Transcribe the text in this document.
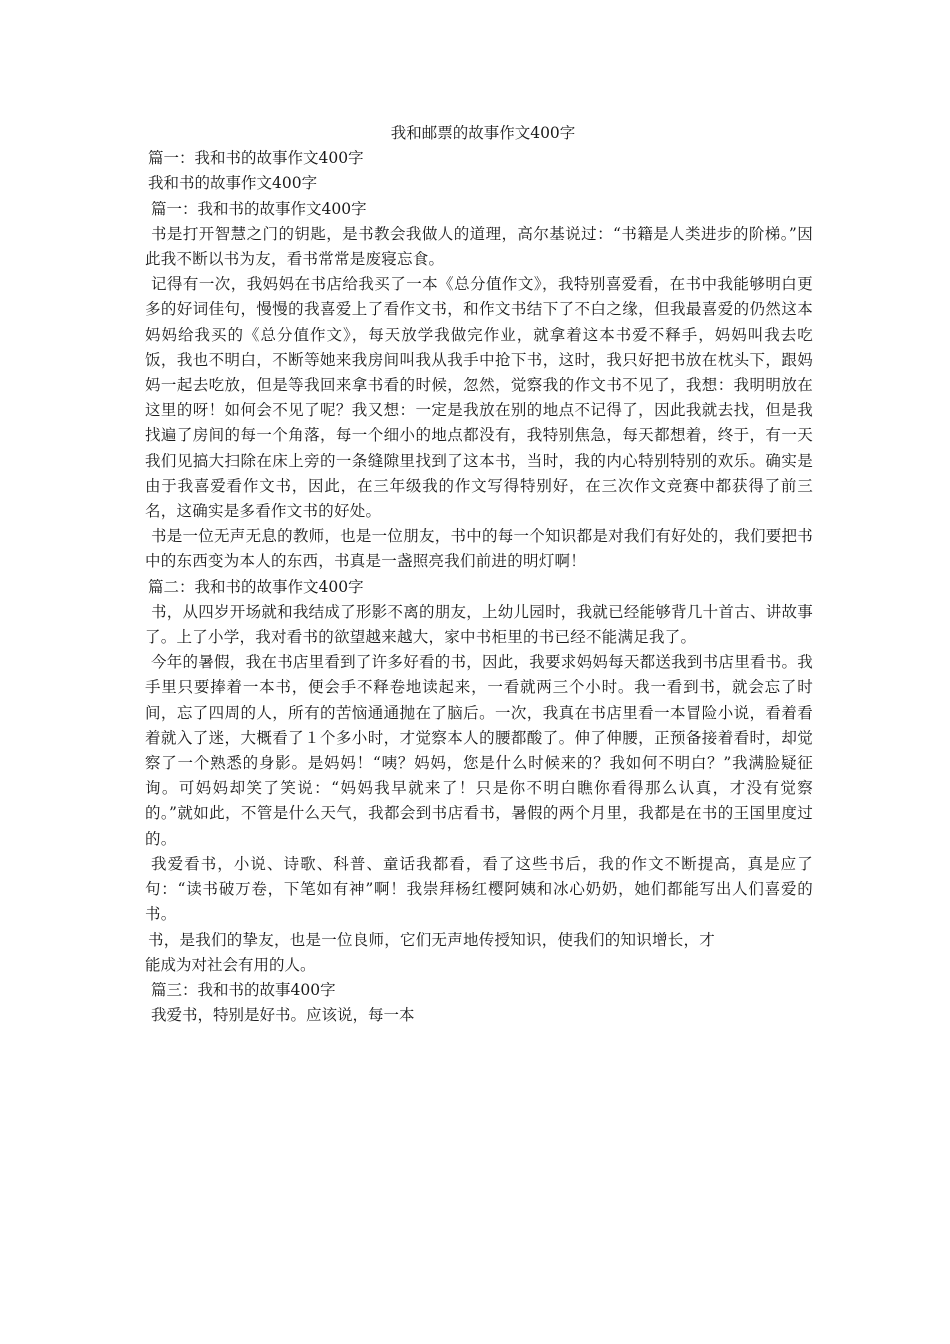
我和邮票的故事作文400字

篇一：我和书的故事作文400字

我和书的故事作文400字

篇一：我和书的故事作文400字

书是打开智慧之门的钥匙，是书教会我做人的道理，高尔基说过：“书籍是人类进步的阶梯。”因此我不断以书为友，看书常常是废寝忘食。

记得有一次，我妈妈在书店给我买了一本《总分值作文》，我特别喜爱看，在书中我能够明白更多的好词佳句，慢慢的我喜爱上了看作文书，和作文书结下了不白之缘，但我最喜爱的仍然这本妈妈给我买的《总分值作文》，每天放学我做完作业，就拿着这本书爱不释手，妈妈叫我去吃饭，我也不明白，不断等她来我房间叫我从我手中抢下书，这时，我只好把书放在枕头下，跟妈妈一起去吃放，但是等我回来拿书看的时候，忽然，觉察我的作文书不见了，我想：我明明放在这里的呀！如何会不见了呢？我又想：一定是我放在别的地点不记得了，因此我就去找，但是我找遍了房间的每一个角落，每一个细小的地点都没有，我特别焦急，每天都想着，终于，有一天我们见搞大扫除在床上旁的一条缝隙里找到了这本书，当时，我的内心特别特别的欢乐。确实是由于我喜爱看作文书，因此，在三年级我的作文写得特别好，在三次作文竞赛中都获得了前三名，这确实是多看作文书的好处。

书是一位无声无息的教师，也是一位朋友，书中的每一个知识都是对我们有好处的，我们要把书中的东西变为本人的东西，书真是一盏照亮我们前进的明灯啊！

篇二：我和书的故事作文400字

书，从四岁开场就和我结成了形影不离的朋友，上幼儿园时，我就已经能够背几十首古、讲故事了。上了小学，我对看书的欲望越来越大，家中书柜里的书已经不能满足我了。

今年的暑假，我在书店里看到了许多好看的书，因此，我要求妈妈每天都送我到书店里看书。我手里只要捧着一本书，便会手不释卷地读起来，一看就两三个小时。我一看到书，就会忘了时间，忘了四周的人，所有的苦恼通通抛在了脑后。一次，我真在书店里看一本冒险小说，看着看着就入了迷，大概看了１个多小时，才觉察本人的腰都酸了。伸了伸腰，正预备接着看时，却觉察了一个熟悉的身影。是妈妈！“咦？妈妈，您是什么时候来的？我如何不明白？”我满脸疑征询。可妈妈却笑了笑说：“妈妈我早就来了！只是你不明白瞧你看得那么认真，才没有觉察的。”就如此，不管是什么天气，我都会到书店看书，暑假的两个月里，我都是在书的王国里度过的。

我爱看书，小说、诗歌、科普、童话我都看，看了这些书后，我的作文不断提高，真是应了句：“读书破万卷，下笔如有神”啊！我崇拜杨红樱阿姨和冰心奶奶，她们都能写出人们喜爱的书。

书，是我们的挚友，也是一位良师，它们无声地传授知识，使我们的知识增长，才

能成为对社会有用的人。

篇三：我和书的故事400字

我爱书，特别是好书。应该说，每一本
